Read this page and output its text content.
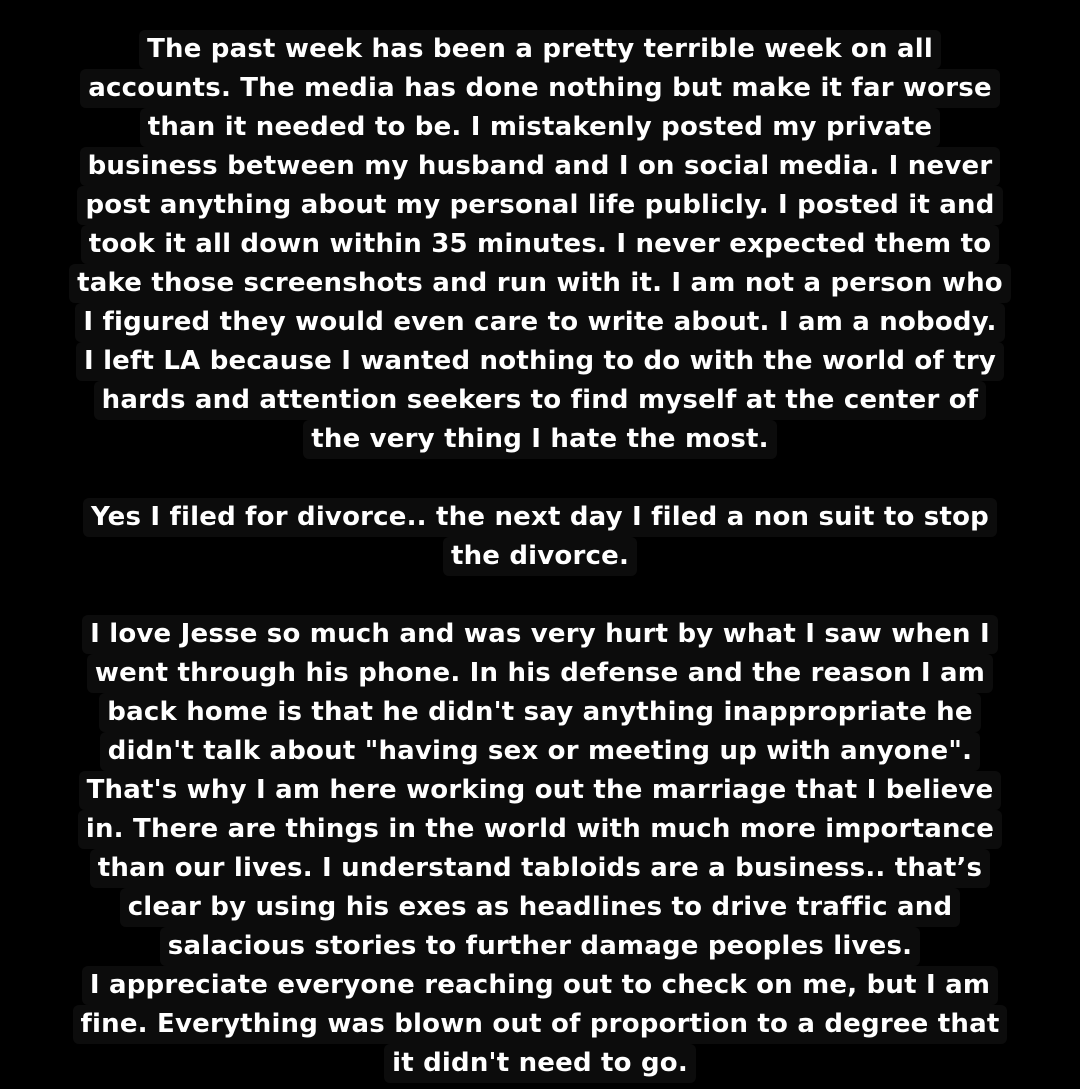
The past week has been a pretty terrible week on all
accounts. The media has done nothing but make it far worse
than it needed to be. I mistakenly posted my private
business between my husband and I on social media. I never
post anything about my personal life publicly. I posted it and
took it all down within 35 minutes. I never expected them to
take those screenshots and run with it. I am not a person who
I figured they would even care to write about. I am a nobody.
I left LA because I wanted nothing to do with the world of try
hards and attention seekers to find myself at the center of
the very thing I hate the most.
Yes I filed for divorce.. the next day I filed a non suit to stop
the divorce.
I love Jesse so much and was very hurt by what I saw when I
went through his phone. In his defense and the reason I am
back home is that he didn't say anything inappropriate he
didn't talk about "having sex or meeting up with anyone".
That's why I am here working out the marriage that I believe
in. There are things in the world with much more importance
than our lives. I understand tabloids are a business.. that’s
clear by using his exes as headlines to drive traffic and
salacious stories to further damage peoples lives.
I appreciate everyone reaching out to check on me, but I am
fine. Everything was blown out of proportion to a degree that
it didn't need to go.
